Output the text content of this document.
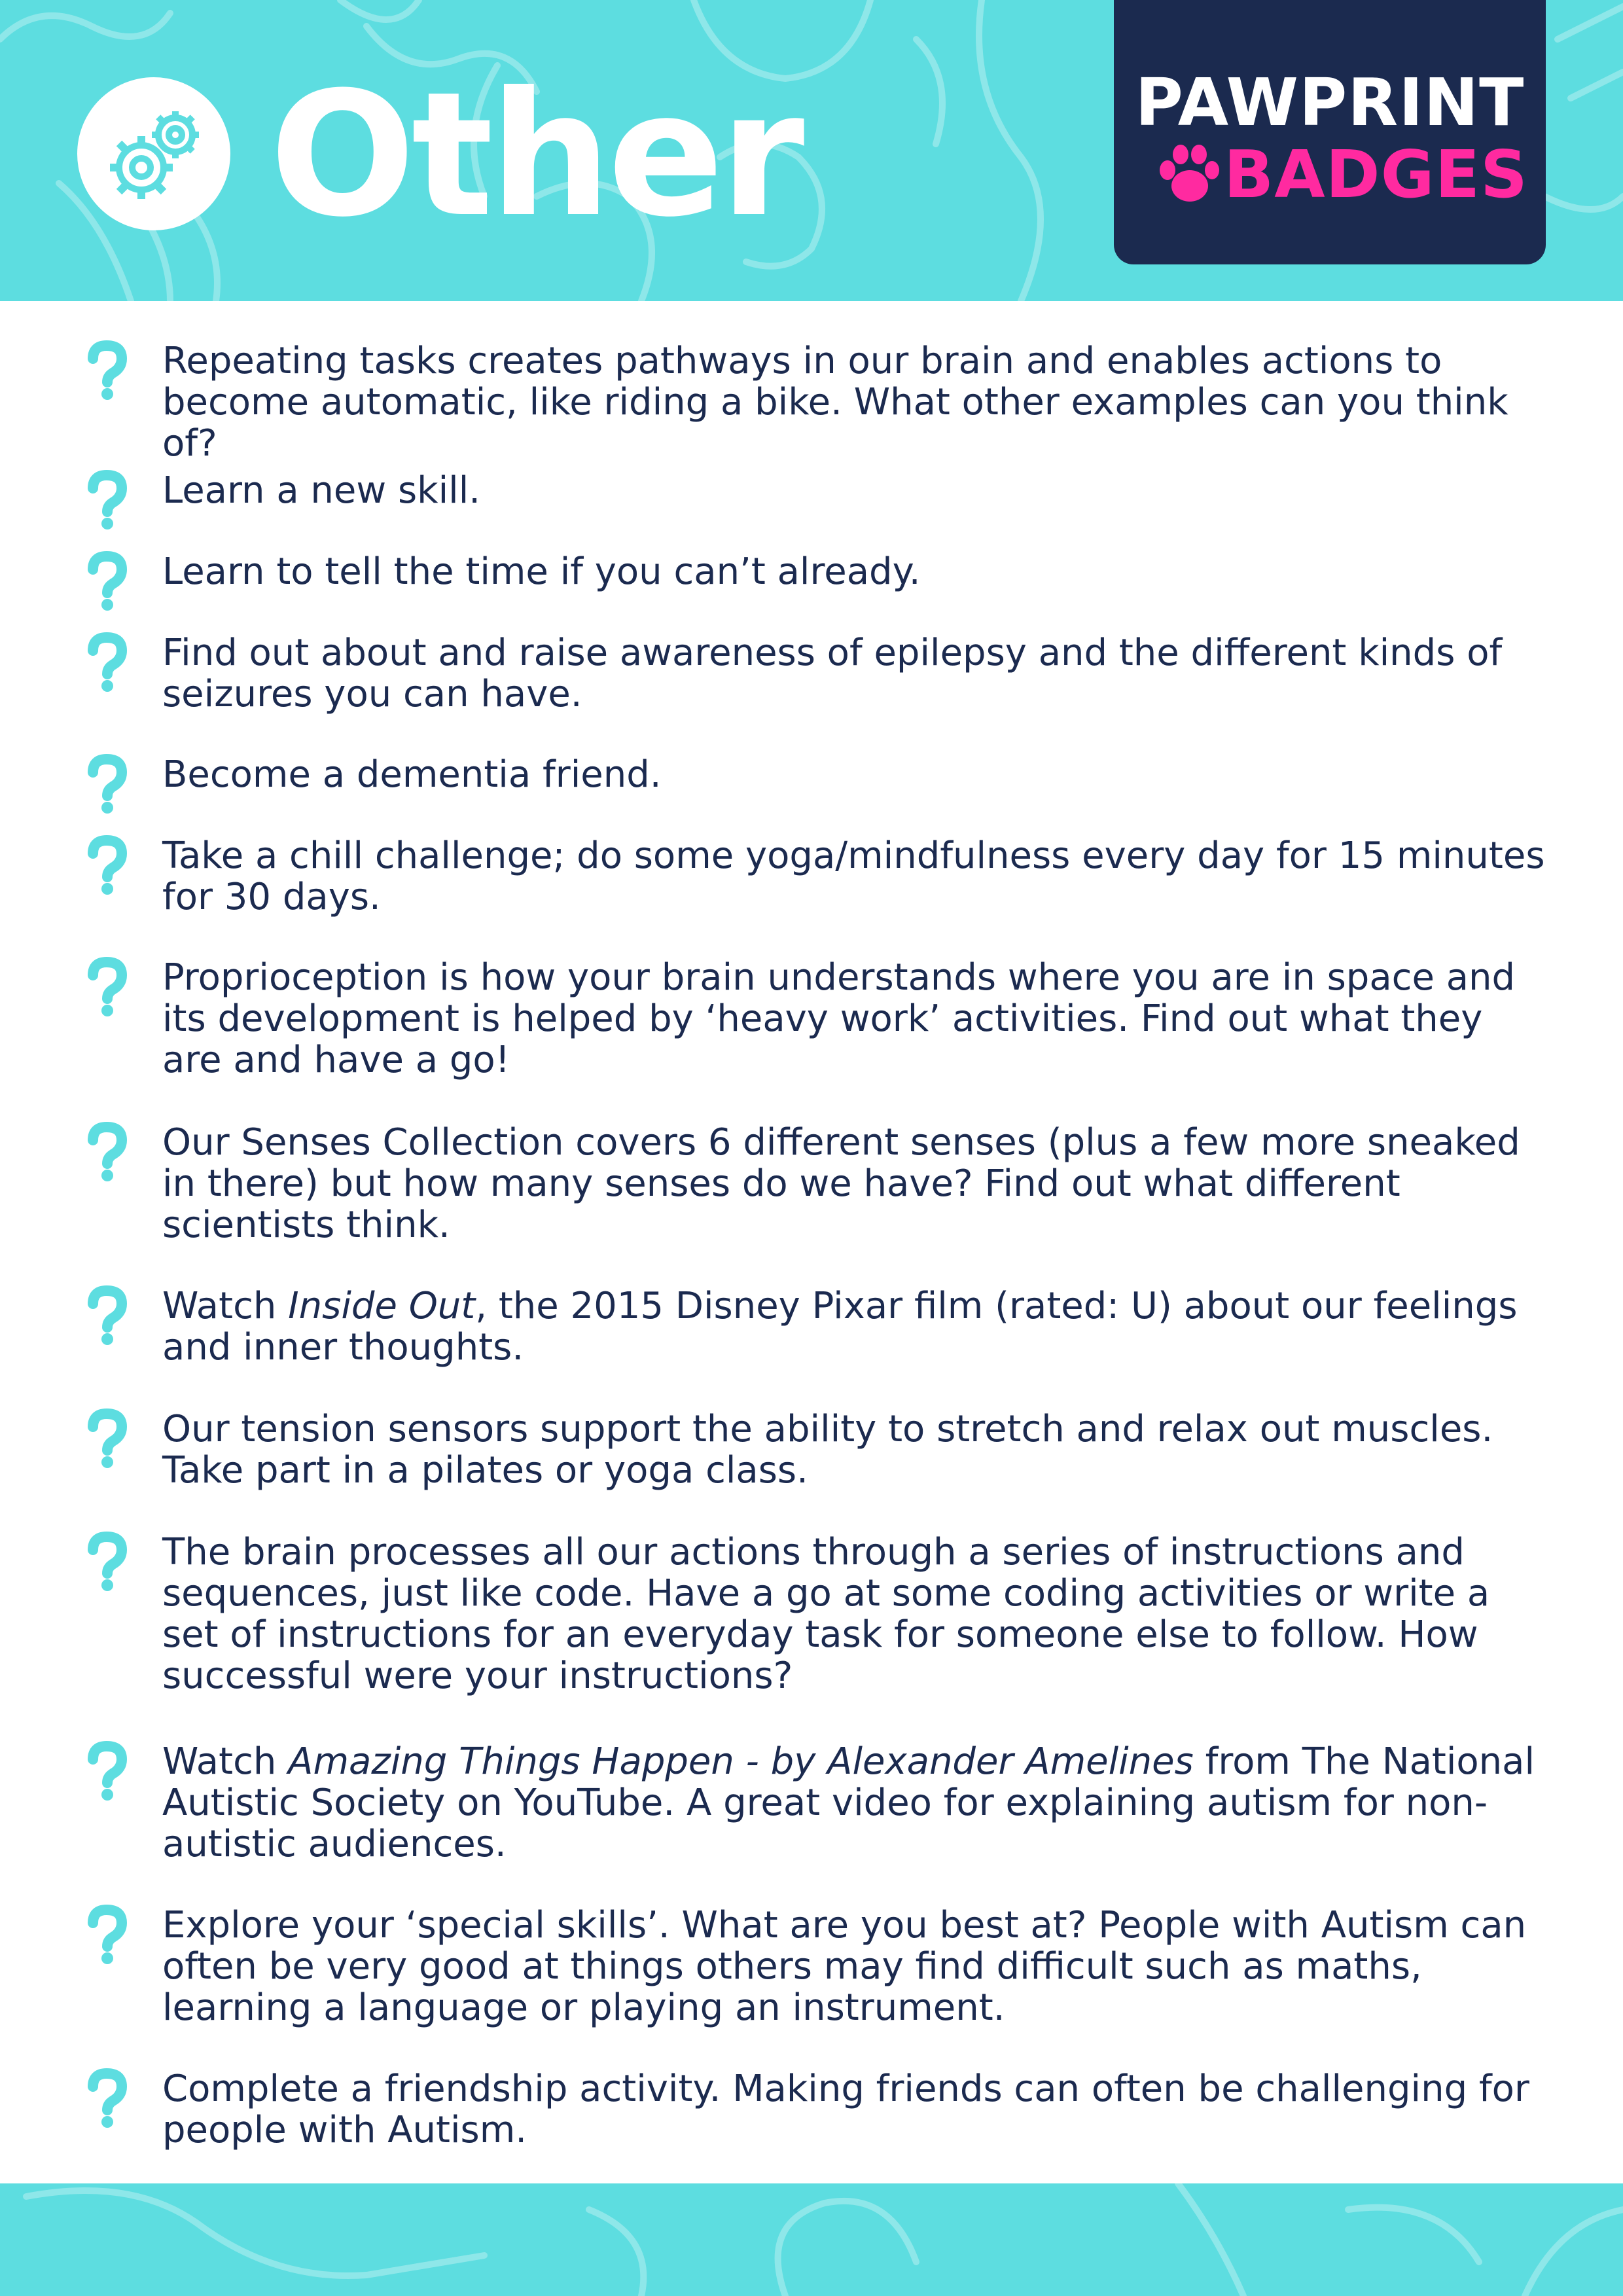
Other	PAWPRINT
BADGES
Repeating tasks creates pathways in our brain and enables actions to become automatic, like riding a bike. What other examples can you think of?
Learn a new skill.
Learn to tell the time if you can’t already.
Find out about and raise awareness of epilepsy and the different kinds of seizures you can have.
Become a dementia friend.
Take a chill challenge; do some yoga/mindfulness every day for 15 minutes for 30 days.
Proprioception is how your brain understands where you are in space and its development is helped by ‘heavy work’ activities. Find out what they are and have a go!
Our Senses Collection covers 6 different senses (plus a few more sneaked in there) but how many senses do we have? Find out what different scientists think.
Watch Inside Out, the 2015 Disney Pixar film (rated: U) about our feelings and inner thoughts.
Our tension sensors support the ability to stretch and relax out muscles. Take part in a pilates or yoga class.
The brain processes all our actions through a series of instructions and sequences, just like code. Have a go at some coding activities or write a set of instructions for an everyday task for someone else to follow. How successful were your instructions?
Watch Amazing Things Happen - by Alexander Amelines from The National Autistic Society on YouTube. A great video for explaining autism for non-autistic audiences.
Explore your ‘special skills’. What are you best at? People with Autism can often be very good at things others may find difficult such as maths, learning a language or playing an instrument.
Complete a friendship activity. Making friends can often be challenging for people with Autism.
